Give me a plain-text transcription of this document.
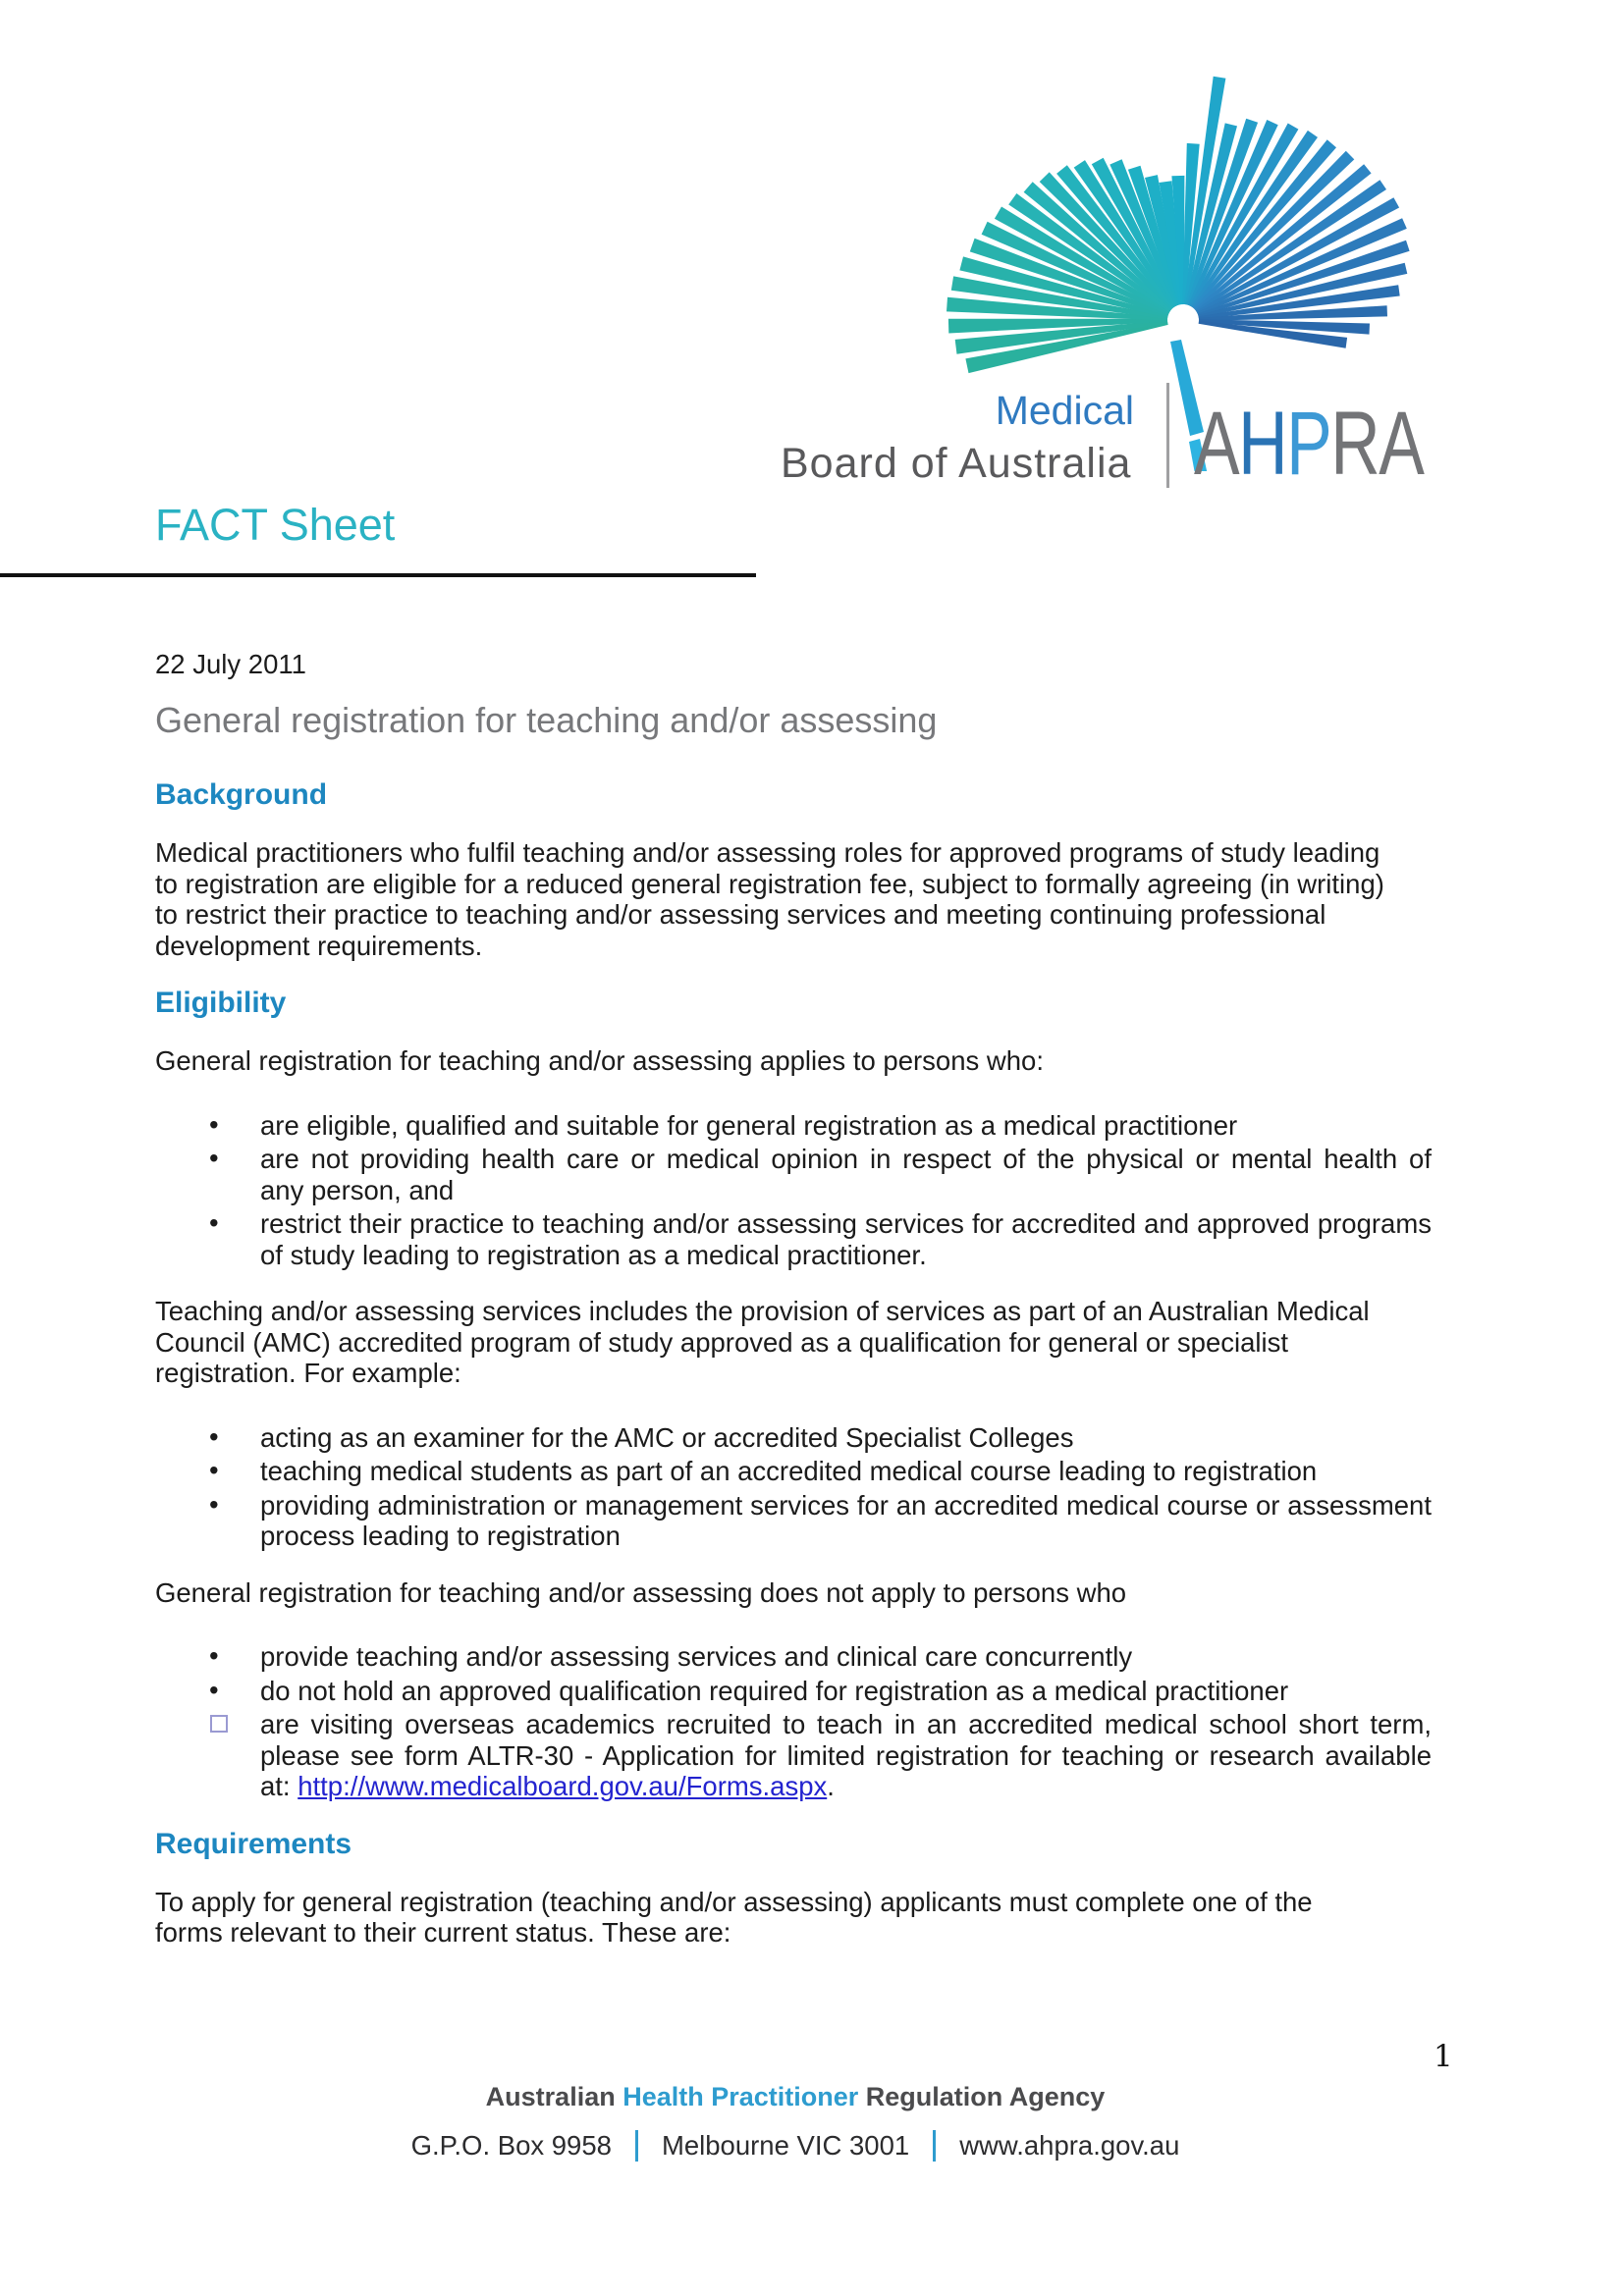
Medical
Board of Australia AHPRA
FACT Sheet
22 July 2011
General registration for teaching and/or assessing
Background
Medical practitioners who fulfil teaching and/or assessing roles for approved programs of study leading
to registration are eligible for a reduced general registration fee, subject to formally agreeing (in writing)
to restrict their practice to teaching and/or assessing services and meeting continuing professional
development requirements.
Eligibility
General registration for teaching and/or assessing applies to persons who:
• are eligible, qualified and suitable for general registration as a medical practitioner
• are not providing health care or medical opinion in respect of the physical or mental health of
any person, and
• restrict their practice to teaching and/or assessing services for accredited and approved programs
of study leading to registration as a medical practitioner.
Teaching and/or assessing services includes the provision of services as part of an Australian Medical
Council (AMC) accredited program of study approved as a qualification for general or specialist
registration. For example:
• acting as an examiner for the AMC or accredited Specialist Colleges
• teaching medical students as part of an accredited medical course leading to registration
• providing administration or management services for an accredited medical course or assessment
process leading to registration
General registration for teaching and/or assessing does not apply to persons who
• provide teaching and/or assessing services and clinical care concurrently
• do not hold an approved qualification required for registration as a medical practitioner
are visiting overseas academics recruited to teach in an accredited medical school short term,
please see form ALTR-30 - Application for limited registration for teaching or research available
at: http://www.medicalboard.gov.au/Forms.aspx.
Requirements
To apply for general registration (teaching and/or assessing) applicants must complete one of the
forms relevant to their current status. These are:
1
Australian Health Practitioner Regulation Agency
G.P.O. Box 9958 Melbourne VIC 3001 www.ahpra.gov.au
